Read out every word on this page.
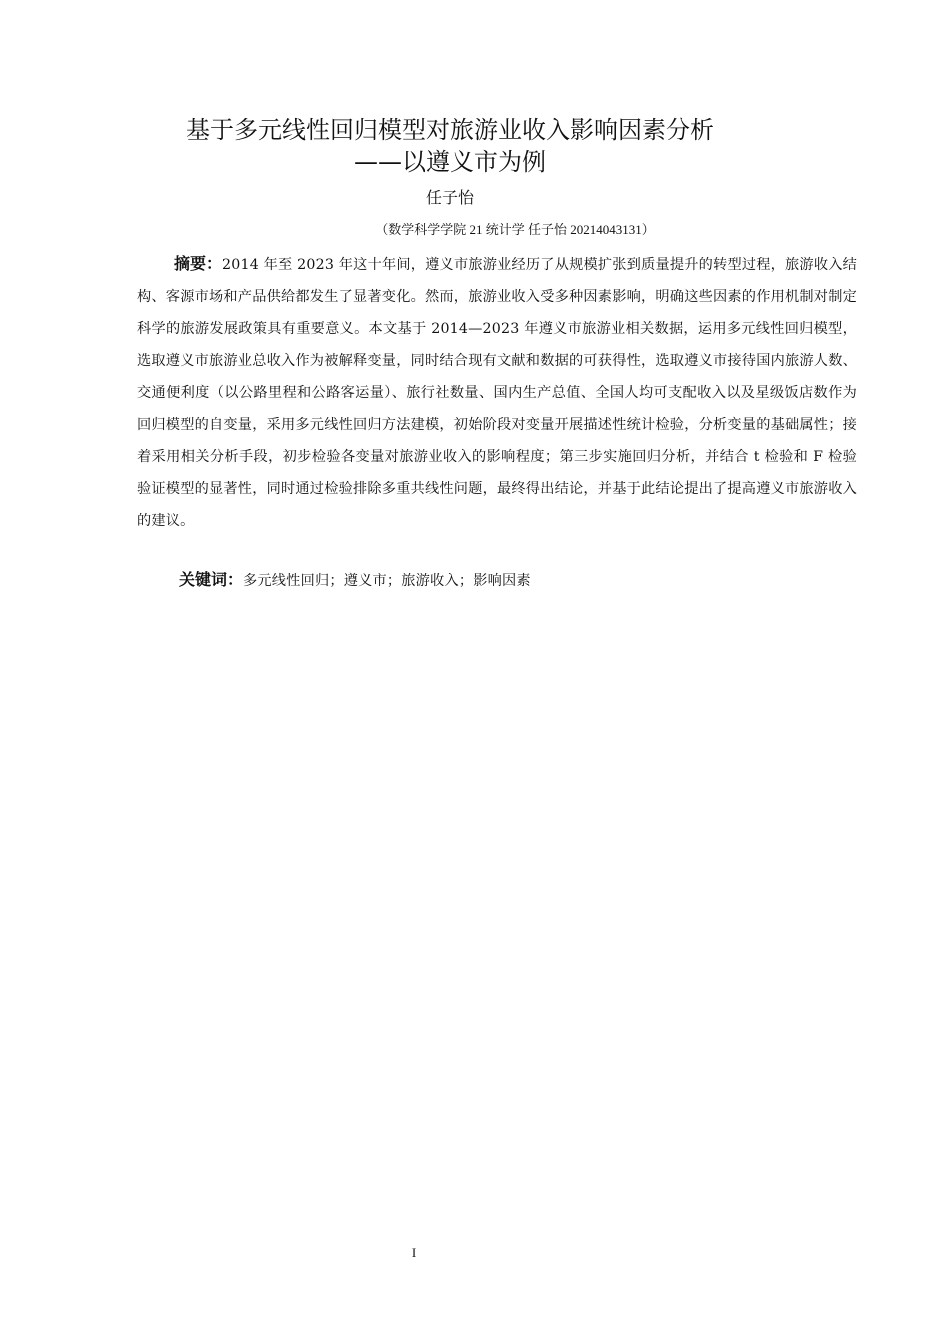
基于多元线性回归模型对旅游业收入影响因素分析
——以遵义市为例
任子怡
（数学科学学院 21 统计学 任子怡 20214043131）
摘要：2014 年至 2023 年这十年间，遵义市旅游业经历了从规模扩张到质量提升的转型过程，旅游收入结构、客源市场和产品供给都发生了显著变化。然而，旅游业收入受多种因素影响，明确这些因素的作用机制对制定科学的旅游发展政策具有重要意义。本文基于 2014—2023 年遵义市旅游业相关数据，运用多元线性回归模型，选取遵义市旅游业总收入作为被解释变量，同时结合现有文献和数据的可获得性，选取遵义市接待国内旅游人数、交通便利度（以公路里程和公路客运量）、旅行社数量、国内生产总值、全国人均可支配收入以及星级饭店数作为回归模型的自变量，采用多元线性回归方法建模，初始阶段对变量开展描述性统计检验，分析变量的基础属性；接着采用相关分析手段，初步检验各变量对旅游业收入的影响程度；第三步实施回归分析，并结合 t 检验和 F 检验验证模型的显著性，同时通过检验排除多重共线性问题，最终得出结论，并基于此结论提出了提高遵义市旅游收入的建议。
关键词：多元线性回归；遵义市；旅游收入；影响因素
I
